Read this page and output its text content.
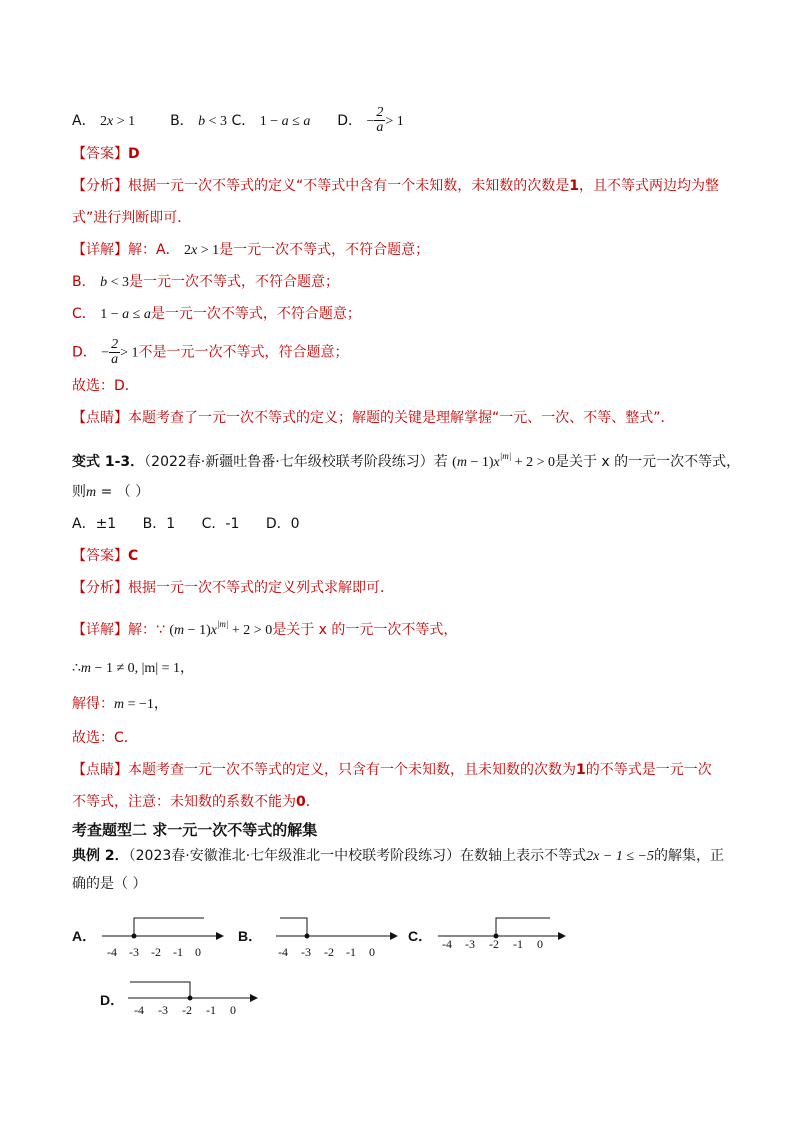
A． 2x > 1 B． b < 3 C． 1 − a ≤ a D． − $\frac{2}{a} > 1$
【答案】D
【分析】根据一元一次不等式的定义“不等式中含有一个未知数，未知数的次数是1，且不等式两边均为整
式”进行判断即可．
【详解】解：A． 2x > 1是一元一次不等式，不符合题意；
B． b < 3是一元一次不等式，不符合题意；
C． 1 − a ≤ a是一元一次不等式，不符合题意；
D． − $\frac{2}{a} > 1$不是一元一次不等式，符合题意；
故选：D．
【点睛】本题考查了一元一次不等式的定义；解题的关键是理解掌握“一元、一次、不等、整式”．
变式 1-3．（2022春·新疆吐鲁番·七年级校联考阶段练习）若 $(m - 1)x^{|m|} + 2 > 0$是关于 x 的一元一次不等式，
则m = （ ）
A．±1 B．1 C．-1 D．0
【答案】C
【分析】根据一元一次不等式的定义列式求解即可．
【详解】解：∵ $(m - 1)x^{|m|} + 2 > 0$是关于 x 的一元一次不等式，
∴m − 1 ≠ 0, |m| = 1，
解得：m = −1，
故选：C．
【点睛】本题考查一元一次不等式的定义，只含有一个未知数，且未知数的次数为1的不等式是一元一次
不等式，注意：未知数的系数不能为0．
考查题型二 求一元一次不等式的解集
典例 2．（2023春·安徽淮北·七年级淮北一中校联考阶段练习）在数轴上表示不等式2x − 1 ≤ −5的解集，正
确的是（ ）
A．
-4 -3 -2 -1 0
B．
-4 -3 -2 -1 0
C． -4 -3 -2 -1 0
D．
-4 -3 -2 -1 0
